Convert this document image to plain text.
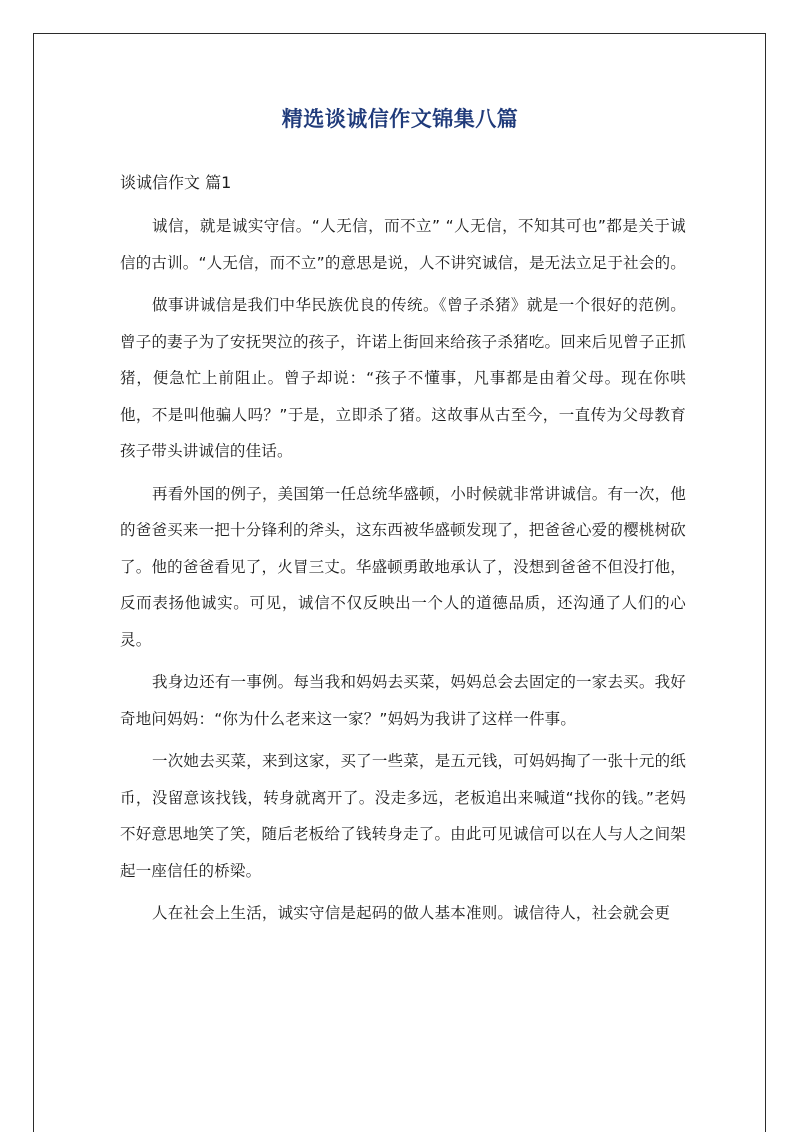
精选谈诚信作文锦集八篇
谈诚信作文 篇1

诚信，就是诚实守信。“人无信，而不立” “人无信，不知其可也”都是关于诚信的古训。“人无信，而不立”的意思是说，人不讲究诚信，是无法立足于社会的。

做事讲诚信是我们中华民族优良的传统。《曾子杀猪》就是一个很好的范例。曾子的妻子为了安抚哭泣的孩子，许诺上街回来给孩子杀猪吃。回来后见曾子正抓猪，便急忙上前阻止。曾子却说：“孩子不懂事，凡事都是由着父母。现在你哄他，不是叫他骗人吗？”于是，立即杀了猪。这故事从古至今，一直传为父母教育孩子带头讲诚信的佳话。

再看外国的例子，美国第一任总统华盛顿，小时候就非常讲诚信。有一次，他的爸爸买来一把十分锋利的斧头，这东西被华盛顿发现了，把爸爸心爱的樱桃树砍了。他的爸爸看见了，火冒三丈。华盛顿勇敢地承认了，没想到爸爸不但没打他，反而表扬他诚实。可见，诚信不仅反映出一个人的道德品质，还沟通了人们的心灵。

我身边还有一事例。每当我和妈妈去买菜，妈妈总会去固定的一家去买。我好奇地问妈妈：“你为什么老来这一家？”妈妈为我讲了这样一件事。

一次她去买菜，来到这家，买了一些菜，是五元钱，可妈妈掏了一张十元的纸币，没留意该找钱，转身就离开了。没走多远，老板追出来喊道“找你的钱。”老妈不好意思地笑了笑，随后老板给了钱转身走了。由此可见诚信可以在人与人之间架起一座信任的桥梁。

人在社会上生活，诚实守信是起码的做人基本准则。诚信待人，社会就会更
